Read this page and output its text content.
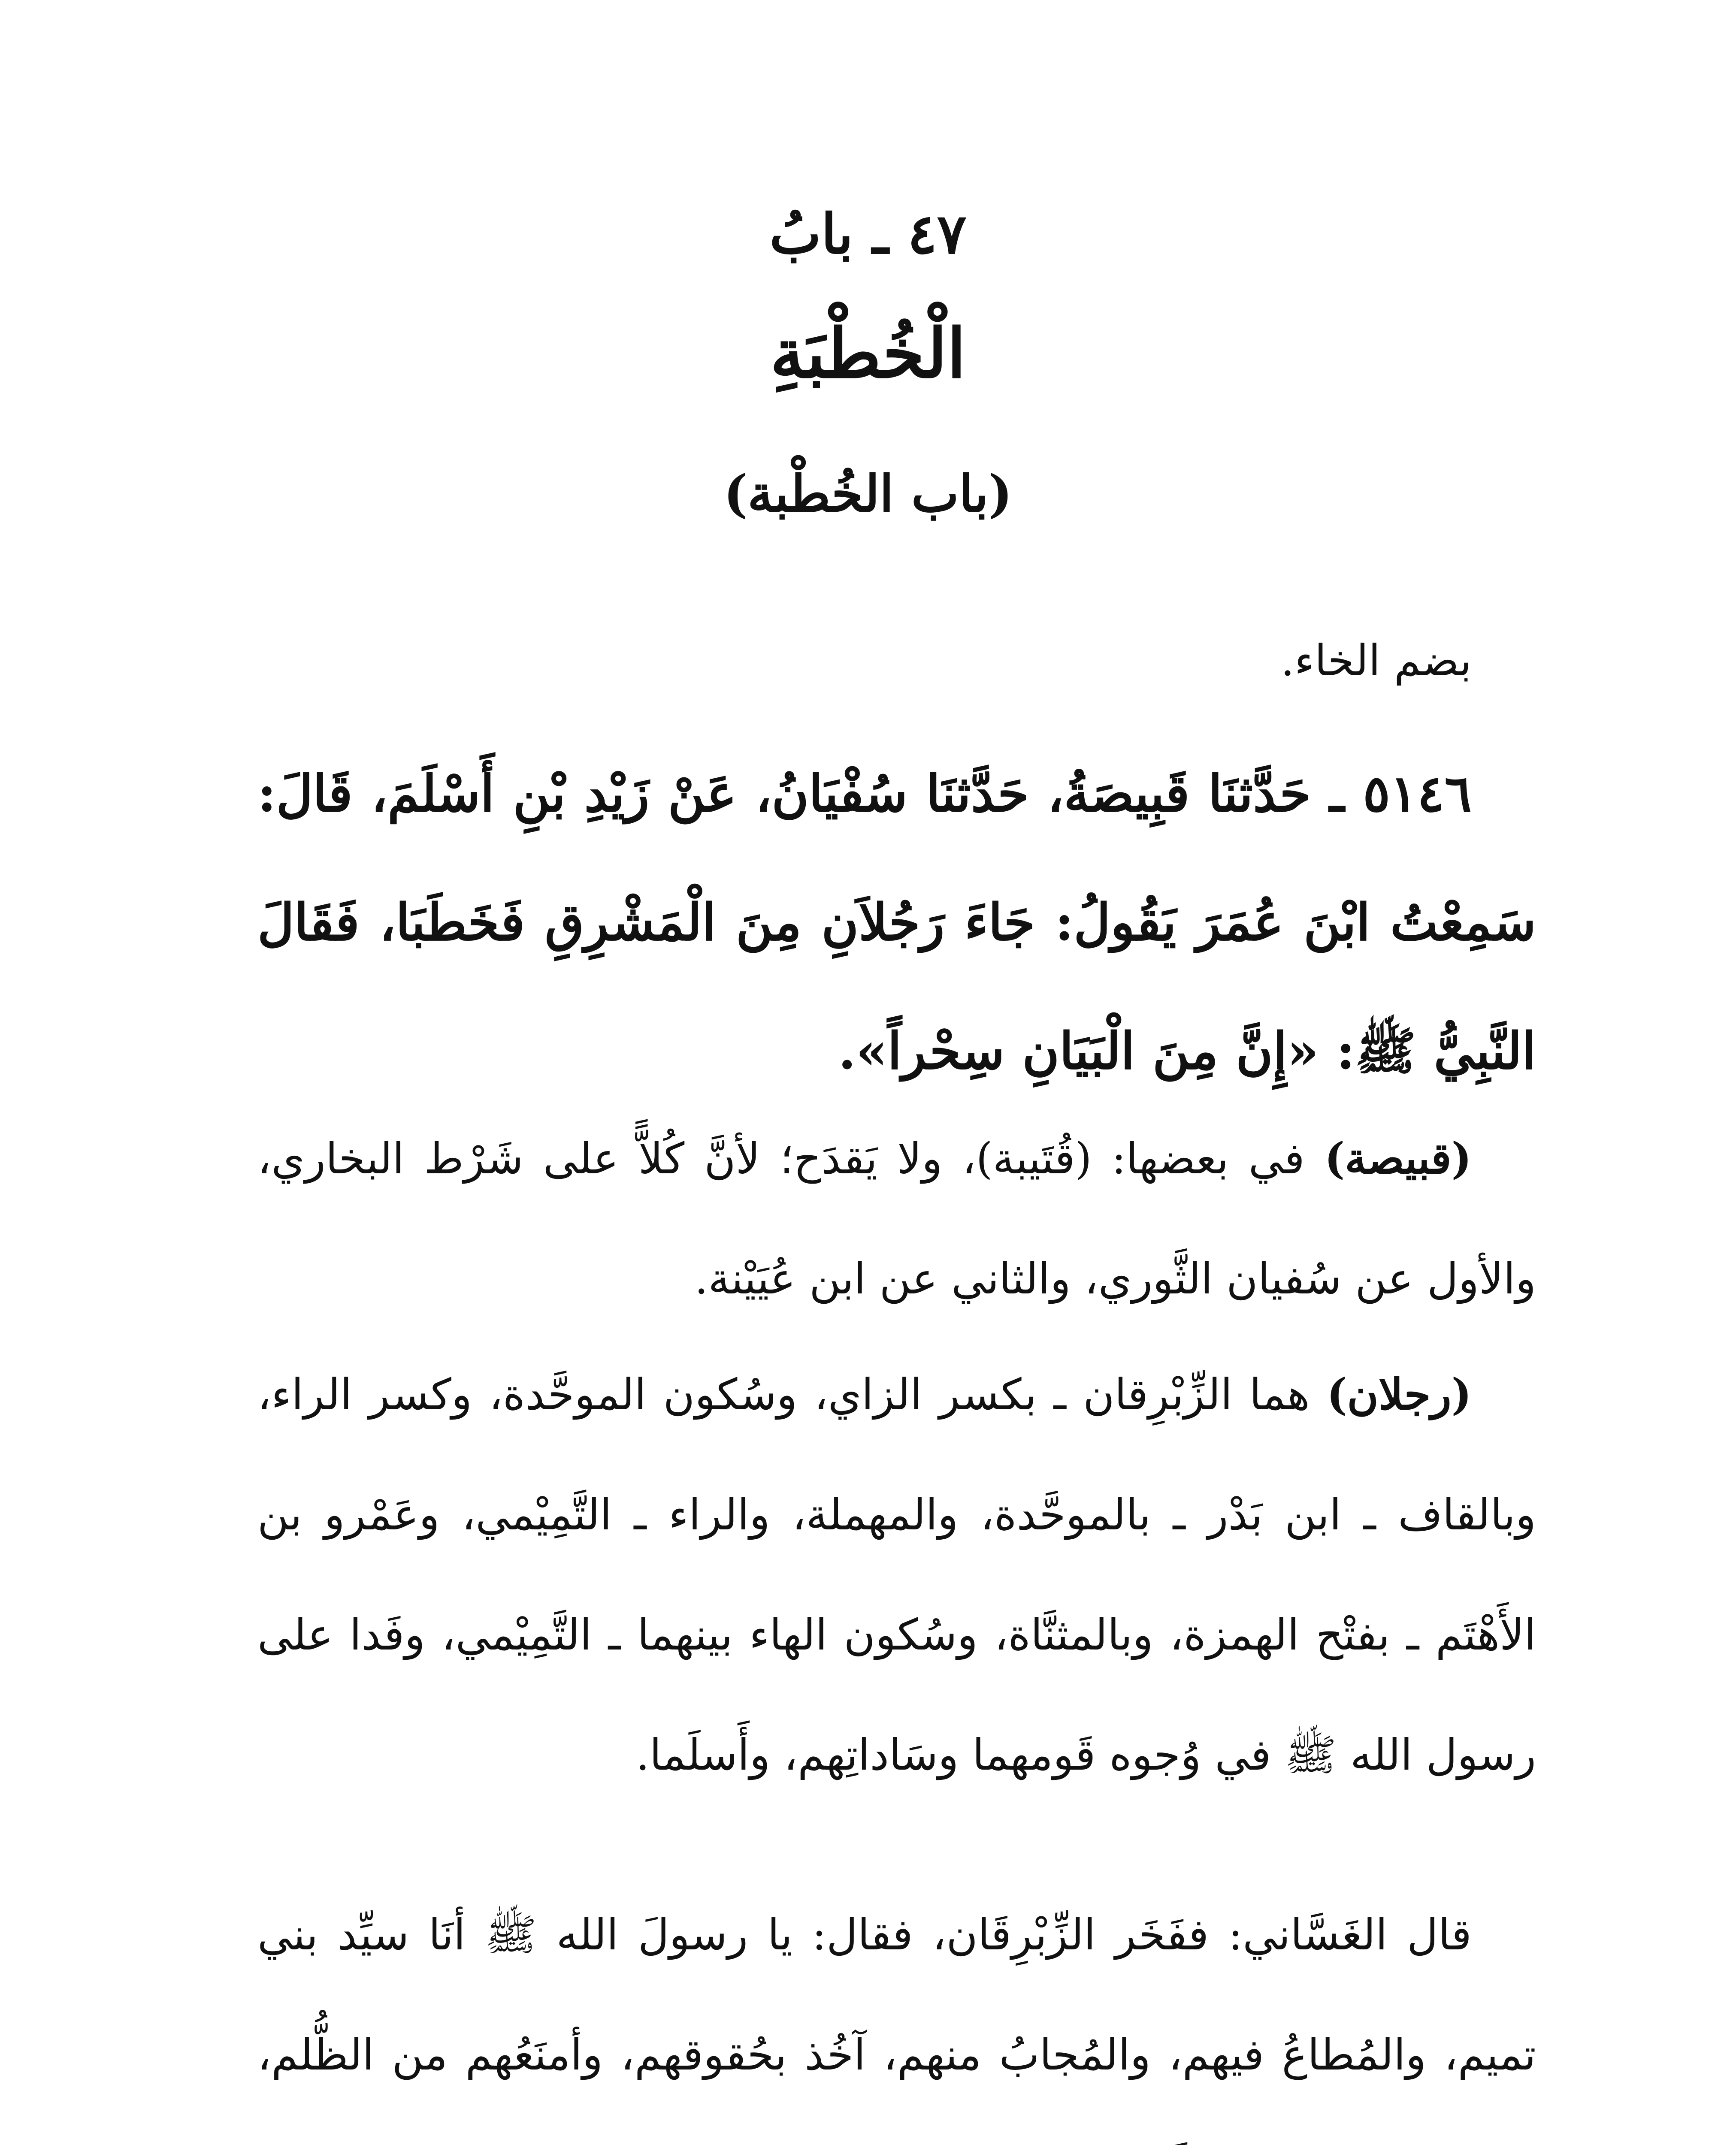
٤٧ ـ بابُ
الْخُطْبَةِ
(باب الخُطْبة)

بضم الخاء.

٥١٤٦ ـ حَدَّثنَا قَبِيصَةُ، حَدَّثنَا سُفْيَانُ، عَنْ زَيْدِ بْنِ أَسْلَمَ، قَالَ: سَمِعْتُ ابْنَ عُمَرَ يَقُولُ: جَاءَ رَجُلاَنِ مِنَ الْمَشْرِقِ فَخَطَبَا، فَقَالَ النَّبِيُّ ﷺ: «إِنَّ مِنَ الْبَيَانِ سِحْراً».

(قبيصة) في بعضها: (قُتَيبة)، ولا يَقدَح؛ لأنَّ كُلاًّ على شَرْط البخاري، والأول عن سُفيان الثَّوري، والثاني عن ابن عُيَيْنة.

(رجلان) هما الزِّبْرِقان ـ بكسر الزاي، وسُكون الموحَّدة، وكسر الراء، وبالقاف ـ ابن بَدْر ـ بالموحَّدة، والمهملة، والراء ـ التَّمِيْمي، وعَمْرو بن الأَهْتَم ـ بفتْح الهمزة، وبالمثنَّاة، وسُكون الهاء بينهما ـ التَّمِيْمي، وفَدا على رسول الله ﷺ في وُجوه قَومهما وسَاداتِهم، وأَسلَما.

قال الغَسَّاني: ففَخَر الزِّبْرِقَان، فقال: يا رسولَ الله ﷺ أنَا سيِّد بني تميم، والمُطاعُ فيهم، والمُجابُ منهم، آخُذ بحُقوقهم، وأمنَعُهم من الظُّلم،
